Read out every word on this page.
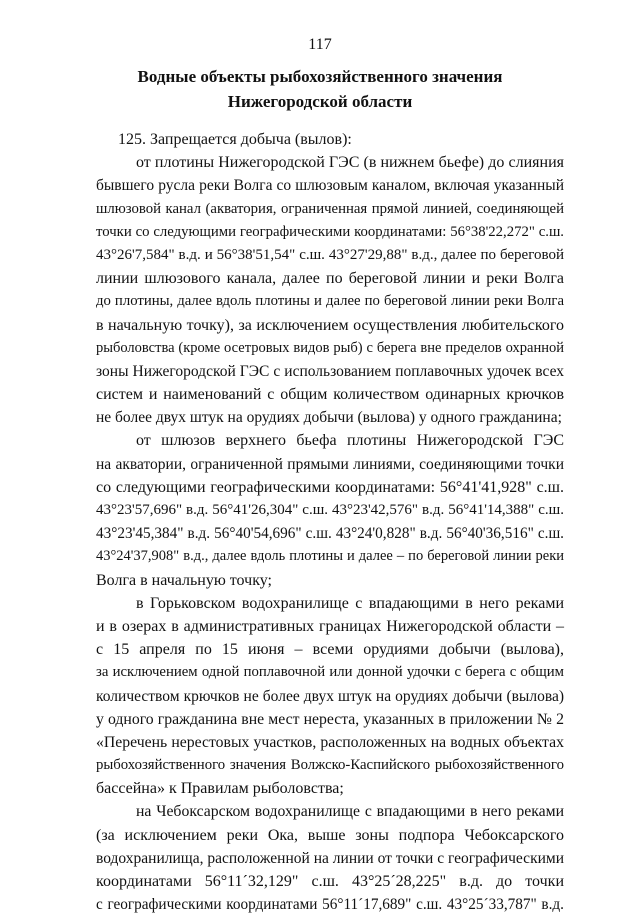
117
Водные объекты рыбохозяйственного значения
Нижегородской области
125. Запрещается добыча (вылов):
от плотины Нижегородской ГЭС (в нижнем бьефе) до слияния
бывшего русла реки Волга со шлюзовым каналом, включая указанный
шлюзовой канал (акватория, ограниченная прямой линией, соединяющей
точки со следующими географическими координатами: 56°38'22,272" с.ш.
43°26'7,584" в.д. и 56°38'51,54" с.ш. 43°27'29,88" в.д., далее по береговой
линии шлюзового канала, далее по береговой линии и реки Волга
до плотины, далее вдоль плотины и далее по береговой линии реки Волга
в начальную точку), за исключением осуществления любительского
рыболовства (кроме осетровых видов рыб) с берега вне пределов охранной
зоны Нижегородской ГЭС с использованием поплавочных удочек всех
систем и наименований с общим количеством одинарных крючков
не более двух штук на орудиях добычи (вылова) у одного гражданина;
от шлюзов верхнего бьефа плотины Нижегородской ГЭС
на акватории, ограниченной прямыми линиями, соединяющими точки
со следующими географическими координатами: 56°41'41,928" с.ш.
43°23'57,696" в.д. 56°41'26,304" с.ш. 43°23'42,576" в.д. 56°41'14,388" с.ш.
43°23'45,384" в.д. 56°40'54,696" с.ш. 43°24'0,828" в.д. 56°40'36,516" с.ш.
43°24'37,908" в.д., далее вдоль плотины и далее – по береговой линии реки
Волга в начальную точку;
в Горьковском водохранилище с впадающими в него реками
и в озерах в административных границах Нижегородской области –
с 15 апреля по 15 июня – всеми орудиями добычи (вылова),
за исключением одной поплавочной или донной удочки с берега с общим
количеством крючков не более двух штук на орудиях добычи (вылова)
у одного гражданина вне мест нереста, указанных в приложении № 2
«Перечень нерестовых участков, расположенных на водных объектах
рыбохозяйственного значения Волжско-Каспийского рыбохозяйственного
бассейна» к Правилам рыболовства;
на Чебоксарском водохранилище с впадающими в него реками
(за исключением реки Ока, выше зоны подпора Чебоксарского
водохранилища, расположенной на линии от точки с географическими
координатами 56°11´32,129" с.ш. 43°25´28,225" в.д. до точки
с географическими координатами 56°11´17,689" с.ш. 43°25´33,787" в.д.
